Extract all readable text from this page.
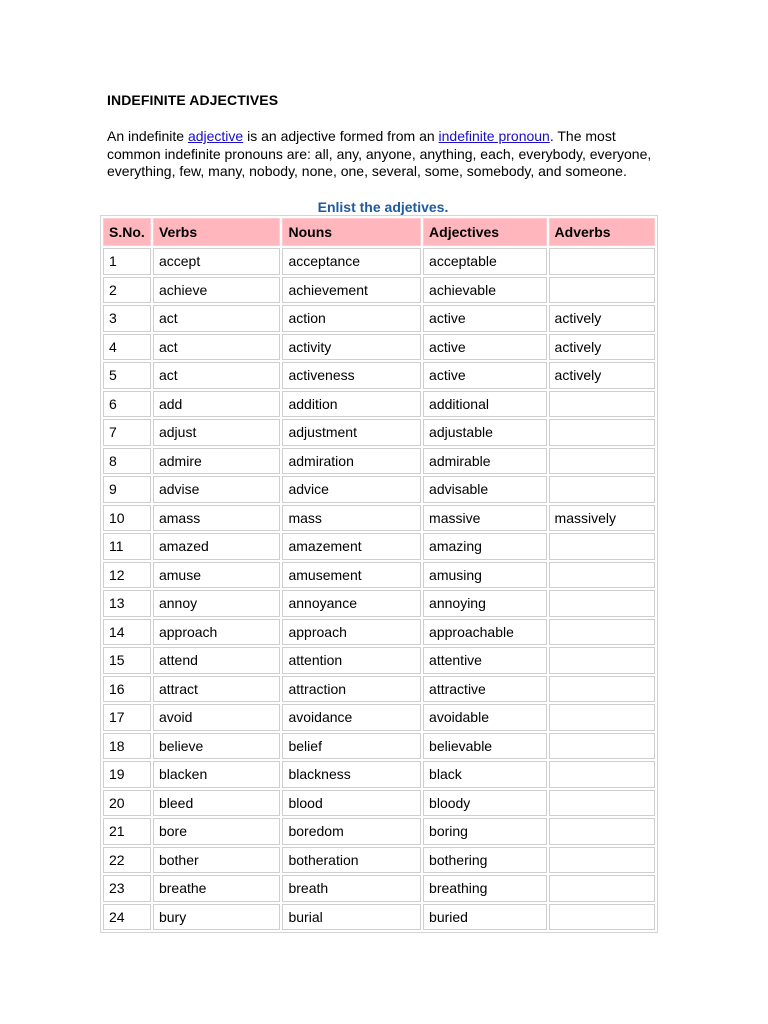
INDEFINITE ADJECTIVES

An indefinite adjective is an adjective formed from an indefinite pronoun. The most common indefinite pronouns are: all, any, anyone, anything, each, everybody, everyone, everything, few, many, nobody, none, one, several, some, somebody, and someone.

Enlist the adjetives.
S.No.	Verbs	Nouns	Adjectives	Adverbs
1	accept	acceptance	acceptable	
2	achieve	achievement	achievable	
3	act	action	active	actively
4	act	activity	active	actively
5	act	activeness	active	actively
6	add	addition	additional	
7	adjust	adjustment	adjustable	
8	admire	admiration	admirable	
9	advise	advice	advisable	
10	amass	mass	massive	massively
11	amazed	amazement	amazing	
12	amuse	amusement	amusing	
13	annoy	annoyance	annoying	
14	approach	approach	approachable	
15	attend	attention	attentive	
16	attract	attraction	attractive	
17	avoid	avoidance	avoidable	
18	believe	belief	believable	
19	blacken	blackness	black	
20	bleed	blood	bloody	
21	bore	boredom	boring	
22	bother	botheration	bothering	
23	breathe	breath	breathing	
24	bury	burial	buried	
